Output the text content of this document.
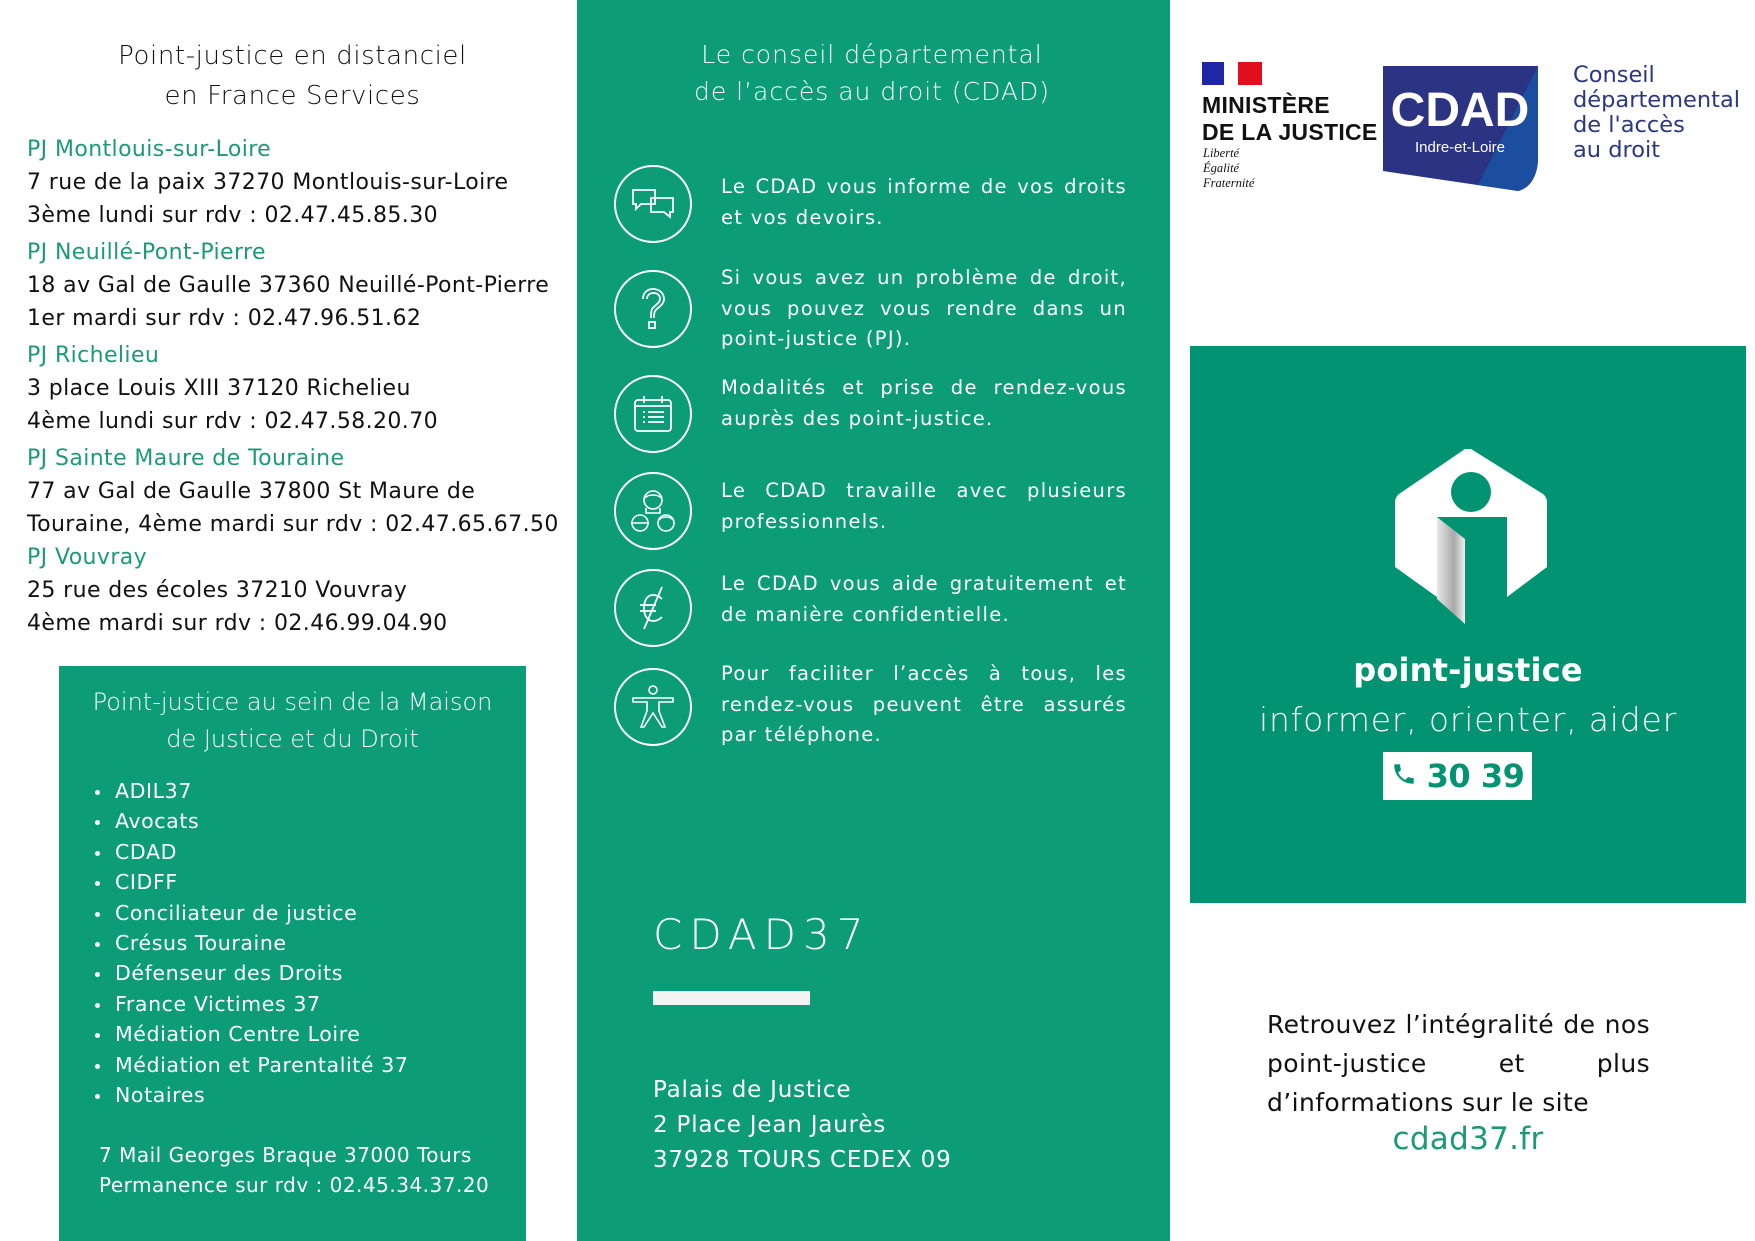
Point-justice en distanciel
en France Services
PJ Montlouis-sur-Loire
7 rue de la paix 37270 Montlouis-sur-Loire
3ème lundi sur rdv : 02.47.45.85.30
PJ Neuillé-Pont-Pierre
18 av Gal de Gaulle 37360 Neuillé-Pont-Pierre
1er mardi sur rdv : 02.47.96.51.62
PJ Richelieu
3 place Louis XIII 37120 Richelieu
4ème lundi sur rdv : 02.47.58.20.70
PJ Sainte Maure de Touraine
77 av Gal de Gaulle 37800 St Maure de
Touraine, 4ème mardi sur rdv : 02.47.65.67.50
PJ Vouvray
25 rue des écoles 37210 Vouvray
4ème mardi sur rdv : 02.46.99.04.90
Point-justice au sein de la Maison
de Justice et du Droit
ADIL37
Avocats
CDAD
CIDFF
Conciliateur de justice
Crésus Touraine
Défenseur des Droits
France Victimes 37
Médiation Centre Loire
Médiation et Parentalité 37
Notaires
7 Mail Georges Braque 37000 Tours
Permanence sur rdv : 02.45.34.37.20
Le conseil départemental
de l’accès au droit (CDAD)
Le CDAD vous informe de vos droits et vos devoirs.
Si vous avez un problème de droit, vous pouvez vous rendre dans un point-justice (PJ).
Modalités et prise de rendez-vous auprès des point-justice.
Le CDAD travaille avec plusieurs professionnels.
Le CDAD vous aide gratuitement et de manière confidentielle.
Pour faciliter l’accès à tous, les rendez-vous peuvent être assurés par téléphone.
CDAD37
Palais de Justice
2 Place Jean Jaurès
37928 TOURS CEDEX 09
MINISTÈRE
DE LA JUSTICE
Liberté
Égalité
Fraternité
CDAD
Indre-et-Loire
Conseil
départemental
de l'accès
au droit
point-justice
informer, orienter, aider
30 39
Retrouvez l’intégralité de nos point-justice et plus d’informations sur le site
cdad37.fr
